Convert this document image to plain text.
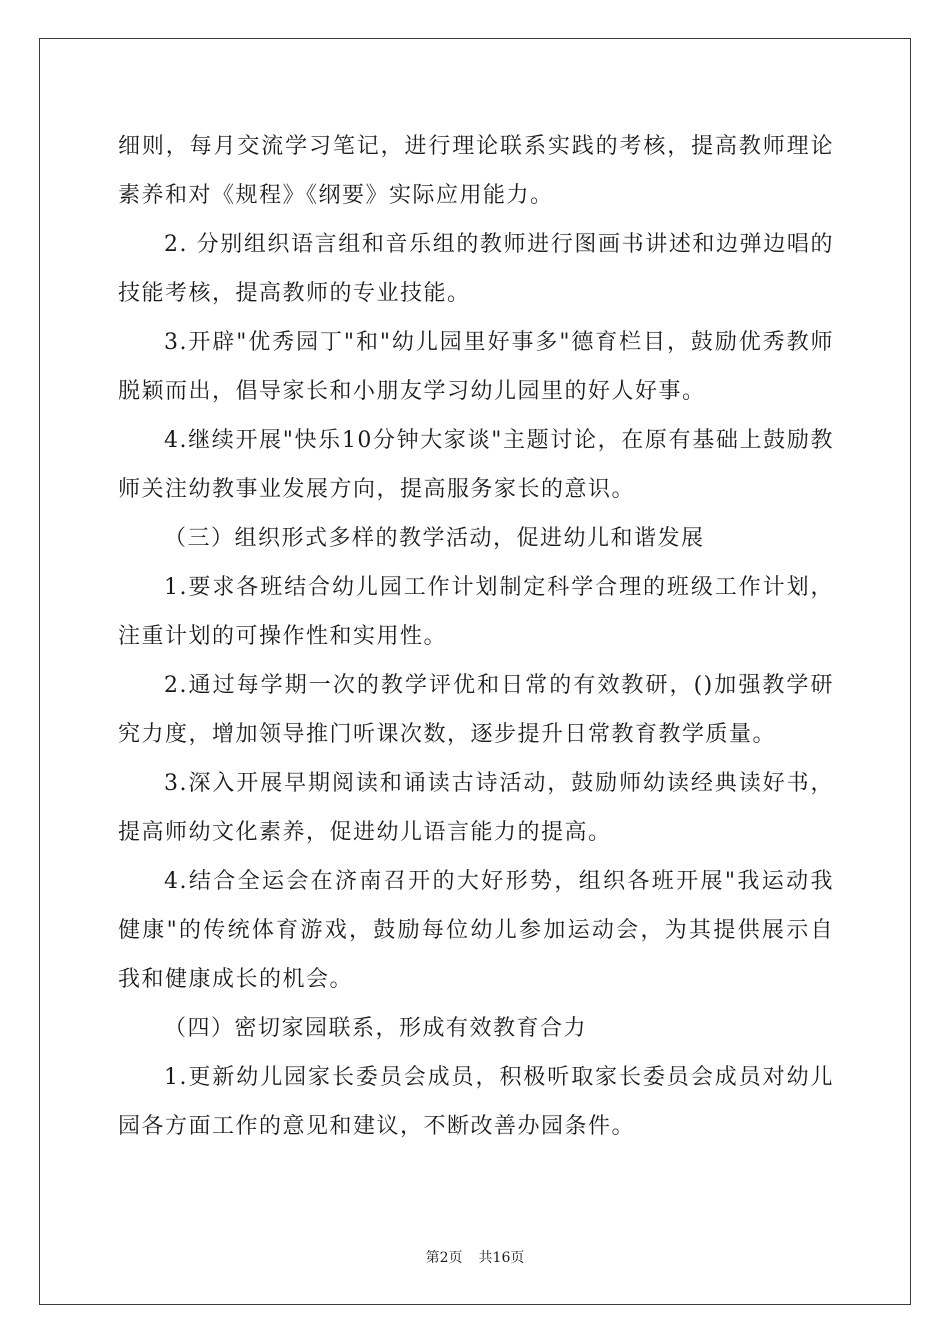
细则，每月交流学习笔记，进行理论联系实践的考核，提高教师理论素养和对《规程》《纲要》实际应用能力。

2. 分别组织语言组和音乐组的教师进行图画书讲述和边弹边唱的技能考核，提高教师的专业技能。

3.开辟"优秀园丁"和"幼儿园里好事多"德育栏目，鼓励优秀教师脱颖而出，倡导家长和小朋友学习幼儿园里的好人好事。

4.继续开展"快乐10分钟大家谈"主题讨论，在原有基础上鼓励教师关注幼教事业发展方向，提高服务家长的意识。

（三）组织形式多样的教学活动，促进幼儿和谐发展

1.要求各班结合幼儿园工作计划制定科学合理的班级工作计划，注重计划的可操作性和实用性。

2.通过每学期一次的教学评优和日常的有效教研，()加强教学研究力度，增加领导推门听课次数，逐步提升日常教育教学质量。

3.深入开展早期阅读和诵读古诗活动，鼓励师幼读经典读好书，提高师幼文化素养，促进幼儿语言能力的提高。

4.结合全运会在济南召开的大好形势，组织各班开展"我运动我健康"的传统体育游戏，鼓励每位幼儿参加运动会，为其提供展示自我和健康成长的机会。

（四）密切家园联系，形成有效教育合力

1.更新幼儿园家长委员会成员，积极听取家长委员会成员对幼儿园各方面工作的意见和建议，不断改善办园条件。

第2页 共16页
